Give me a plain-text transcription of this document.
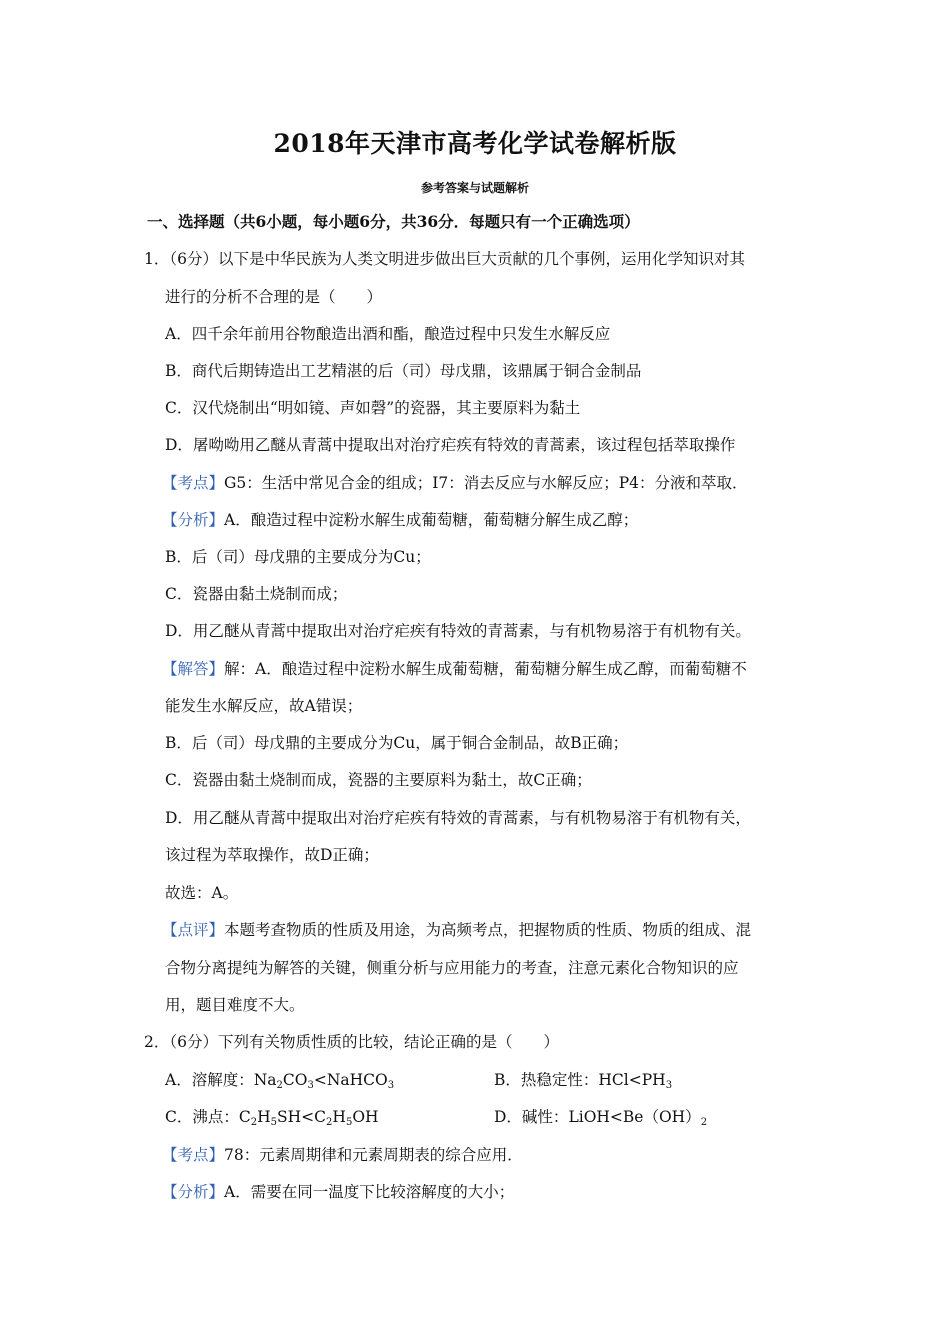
2018年天津市高考化学试卷解析版
参考答案与试题解析
一、选择题（共6小题，每小题6分，共36分．每题只有一个正确选项）
1．（6分）以下是中华民族为人类文明进步做出巨大贡献的几个事例，运用化学知识对其
进行的分析不合理的是（　　）
A．四千余年前用谷物酿造出酒和酯，酿造过程中只发生水解反应
B．商代后期铸造出工艺精湛的后（司）母戊鼎，该鼎属于铜合金制品
C．汉代烧制出“明如镜、声如磬”的瓷器，其主要原料为黏土
D．屠呦呦用乙醚从青蒿中提取出对治疗疟疾有特效的青蒿素，该过程包括萃取操作
【考点】G5：生活中常见合金的组成；I7：消去反应与水解反应；P4：分液和萃取．
【分析】A．酿造过程中淀粉水解生成葡萄糖，葡萄糖分解生成乙醇；
B．后（司）母戊鼎的主要成分为Cu；
C．瓷器由黏土烧制而成；
D．用乙醚从青蒿中提取出对治疗疟疾有特效的青蒿素，与有机物易溶于有机物有关。
【解答】解：A．酿造过程中淀粉水解生成葡萄糖，葡萄糖分解生成乙醇，而葡萄糖不
能发生水解反应，故A错误；
B．后（司）母戊鼎的主要成分为Cu，属于铜合金制品，故B正确；
C．瓷器由黏土烧制而成，瓷器的主要原料为黏土，故C正确；
D．用乙醚从青蒿中提取出对治疗疟疾有特效的青蒿素，与有机物易溶于有机物有关，
该过程为萃取操作，故D正确；
故选：A。
【点评】本题考查物质的性质及用途，为高频考点，把握物质的性质、物质的组成、混
合物分离提纯为解答的关键，侧重分析与应用能力的考查，注意元素化合物知识的应
用，题目难度不大。
2．（6分）下列有关物质性质的比较，结论正确的是（　　）
A．溶解度：$Na_2CO_3<NaHCO_3$	B．热稳定性：$HCl<PH_3$
C．沸点：$C_2H_5SH<C_2H_5OH$	D．碱性：$LiOH<Be(OH)_2$
【考点】78：元素周期律和元素周期表的综合应用．
【分析】A．需要在同一温度下比较溶解度的大小；
